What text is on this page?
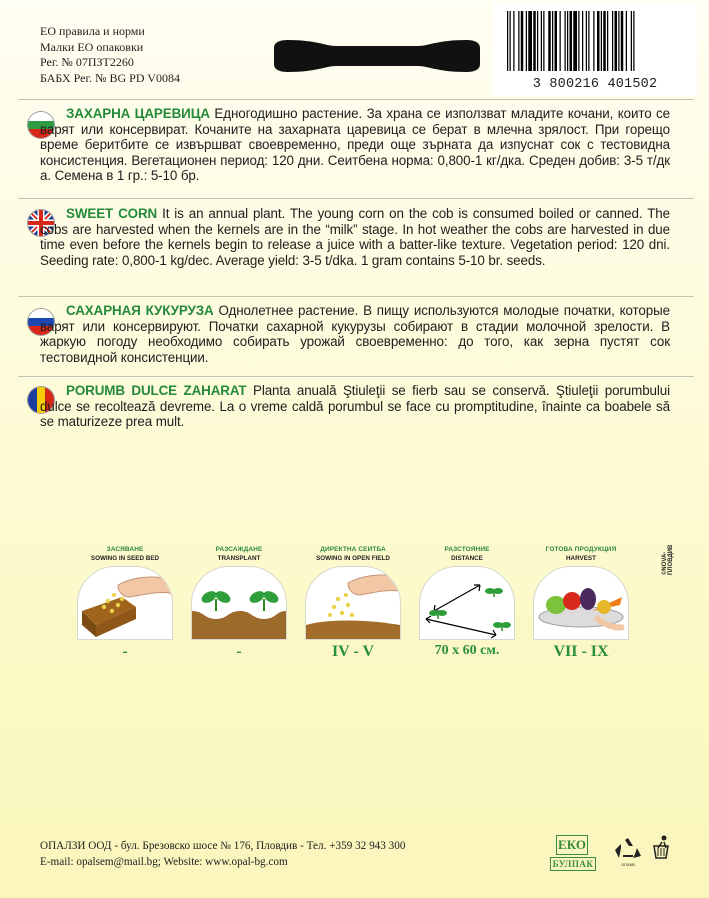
ЕО правила и норми
Малки ЕО опаковки
Рег. № 07ПЗТ2260
БАБХ Рег. № BG PD V0084	3 800216 401502
ЗАХАРНА ЦАРЕВИЦА Едногодишно растение. За храна се използват младите кочани, които се варят или консервират. Кочаните на захарната царевица се берат в млечна зрялост. При горещо време беритбите се извършват своевременно, преди още зърната да изпуснат сок с тестовидна консистенция. Вегетационен период: 120 дни. Сеитбена норма: 0,800-1 кг/дка. Среден добив: 3-5 т/дк а. Семена в 1 гр.: 5-10 бр.
SWEET CORN It is an annual plant. The young corn on the cob is consumed boiled or canned. The cobs are harvested when the kernels are in the “milk” stage. In hot weather the cobs are harvested in due time even before the kernels begin to release a juice with a batter-like texture. Vegetation period: 120 dni. Seeding rate: 0,800-1 kg/dec. Average yield: 3-5 t/dka. 1 gram contains 5-10 br. seeds.
САХАРНАЯ КУКУРУЗА Однолетнее растение. В пищу используются молодые початки, которые варят или консервируют. Початки сахарной кукурузы собирают в стадии молочной зрелости. В жаркую погоду необходимо собирать урожай своевременно: до того, как зерна пустят сок тестовидной консистенции.
PORUMB DULCE ZAHARAT Planta anuală Ştiuleţii se fierb sau se conservă. Ştiuleţii porumbului dulce se recoltează devreme. La o vreme caldă porumbul se face cu promptitudine, înainte ca boabele să se maturizeze prea mult.
ЗАСЯВАНЕ
SOWING IN SEED BED
-
РАЗСАЖДАНЕ
TRANSPLANT
-
ДИРЕКТНА СЕИТБА
SOWING IN OPEN FIELD
IV - V
РАЗСТОЯНИЕ
DISTANCE
70 x 60 см.
ГОТОВА ПРОДУКЦИЯ
HARVEST
VII - IX
©NOVA-ПЛОВДИВ
ОПАЛЗИ ООД - бул. Брезовско шосе № 176, Пловдив - Тел. +359 32 943 300
E-mail: opalsem@mail.bg; Website: www.opal-bg.com
ЕКО
БУЛПАК	ОПАКВ
